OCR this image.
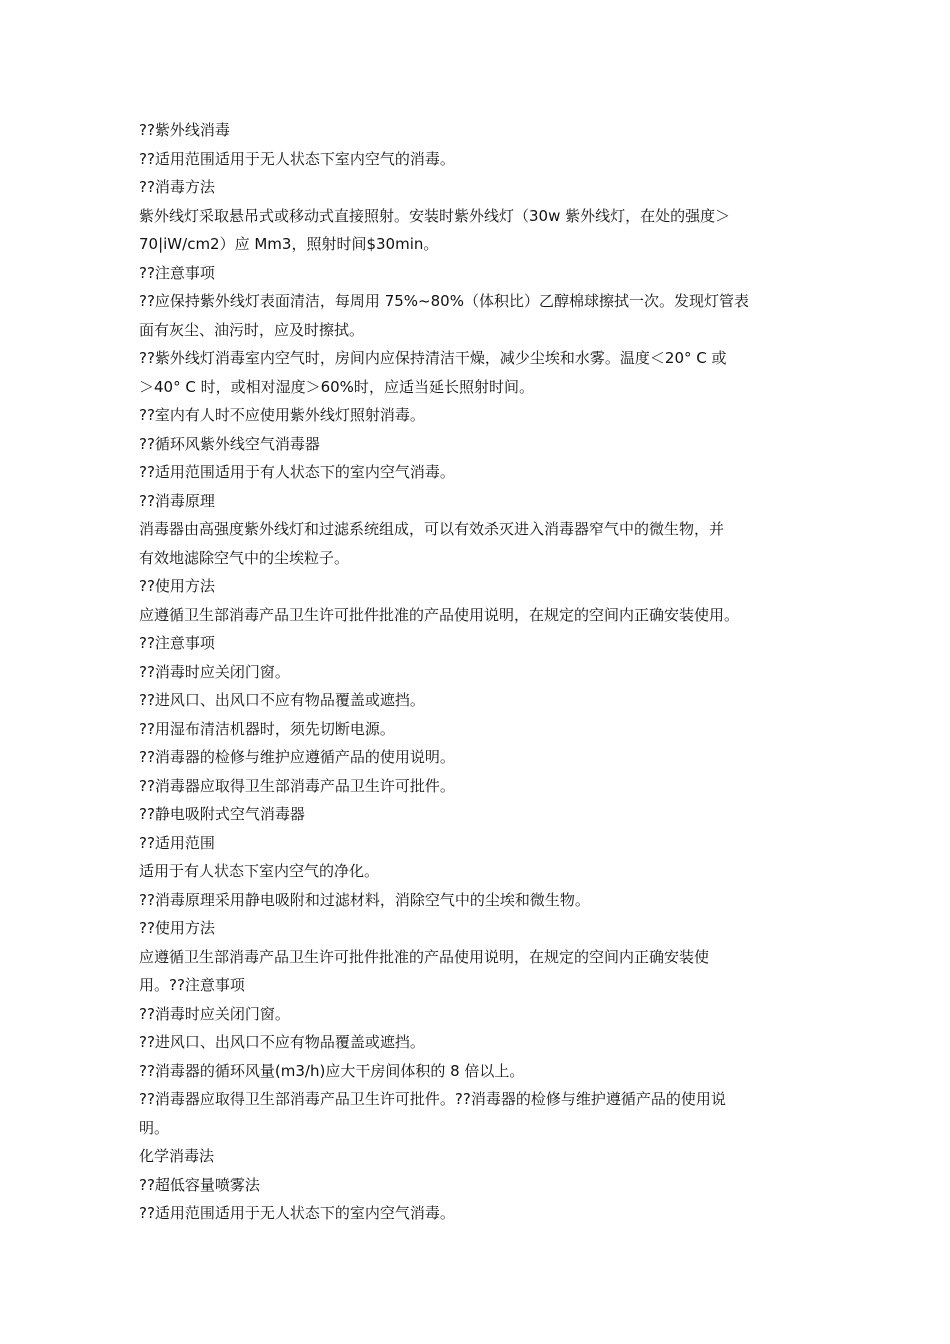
??紫外线消毒

??适用范围适用于无人状态下室内空气的消毒。

??消毒方法

紫外线灯采取悬吊式或移动式直接照射。安装时紫外线灯（30w 紫外线灯，在处的强度＞

70|iW/cm2）应 Mm3，照射时间$30min。

??注意事项

??应保持紫外线灯表面清洁，每周用 75%~80%（体积比）乙醇棉球擦拭一次。发现灯管表

面有灰尘、油污时，应及时擦拭。

??紫外线灯消毒室内空气时，房间内应保持清洁干燥，减少尘埃和水雾。温度＜20° C 或

＞40° C 时，或相对湿度＞60%时，应适当延长照射时间。

??室内有人时不应使用紫外线灯照射消毒。

??循环风紫外线空气消毒器

??适用范围适用于有人状态下的室内空气消毒。

??消毒原理

消毒器由高强度紫外线灯和过滤系统组成，可以有效杀灭进入消毒器窄气中的微生物，并

有效地滤除空气中的尘埃粒子。

??使用方法

应遵循卫生部消毒产品卫生许可批件批准的产品使用说明，在规定的空间内正确安装使用。

??注意事项

??消毒时应关闭门窗。

??进风口、出风口不应有物品覆盖或遮挡。

??用湿布清洁机器时，须先切断电源。

??消毒器的检修与维护应遵循产品的使用说明。

??消毒器应取得卫生部消毒产品卫生许可批件。

??静电吸附式空气消毒器

??适用范围

适用于有人状态下室内空气的净化。

??消毒原理采用静电吸附和过滤材料，消除空气中的尘埃和微生物。

??使用方法

应遵循卫生部消毒产品卫生许可批件批准的产品使用说明，在规定的空间内正确安装使

用。??注意事项

??消毒时应关闭门窗。

??进风口、出风口不应有物品覆盖或遮挡。

??消毒器的循环风量(m3/h)应大干房间体积的 8 倍以上。

??消毒器应取得卫生部消毒产品卫生许可批件。??消毒器的检修与维护遵循产品的使用说

明。

化学消毒法

??超低容量喷雾法

??适用范围适用于无人状态下的室内空气消毒。
